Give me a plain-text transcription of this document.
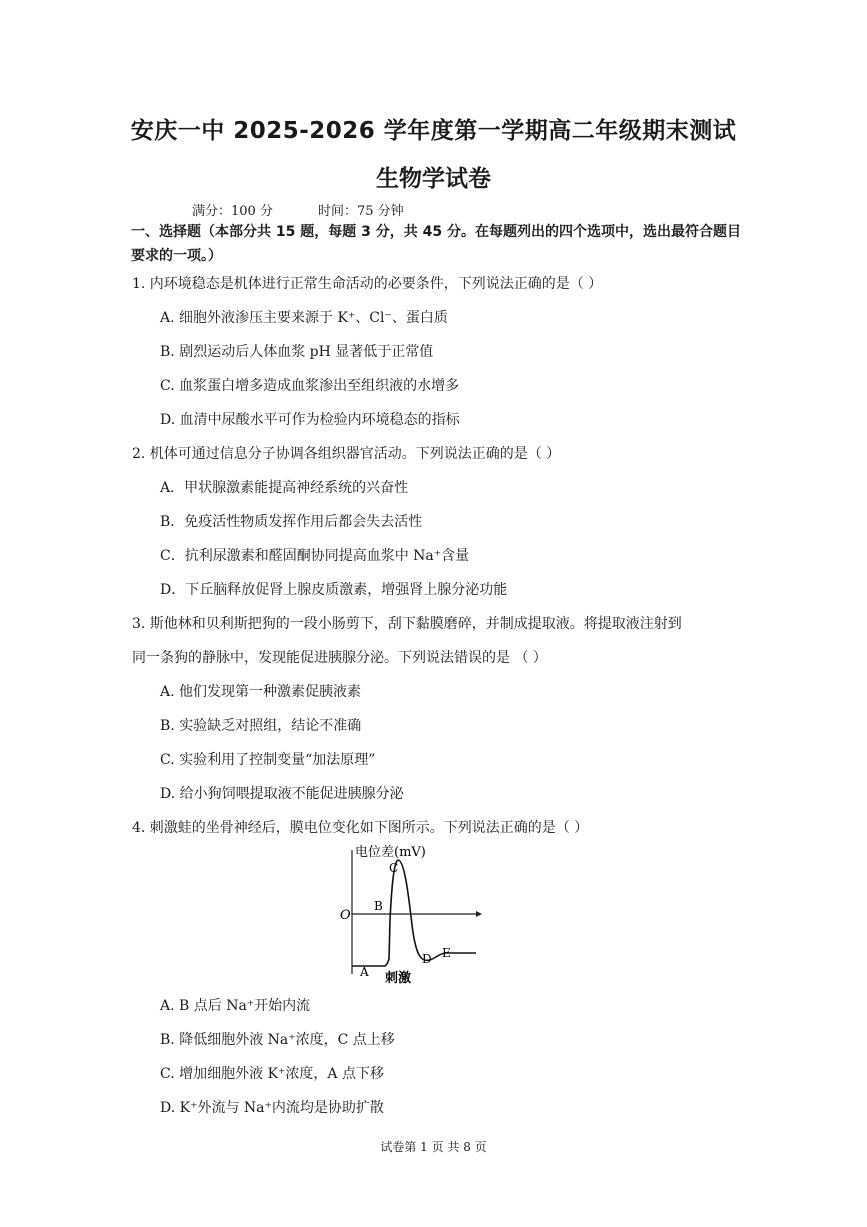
安庆一中 2025-2026 学年度第一学期高二年级期末测试
生物学试卷
满分：100 分	时间：75 分钟
一、选择题（本部分共 15 题，每题 3 分，共 45 分。在每题列出的四个选项中，选出最符合题目要求的一项。）
1. 内环境稳态是机体进行正常生命活动的必要条件，下列说法正确的是（ ）
A. 细胞外液渗压主要来源于 K⁺、Cl⁻、蛋白质
B. 剧烈运动后人体血浆 pH 显著低于正常值
C. 血浆蛋白增多造成血浆渗出至组织液的水增多
D. 血清中尿酸水平可作为检验内环境稳态的指标
2. 机体可通过信息分子协调各组织器官活动。下列说法正确的是（ ）
A．甲状腺激素能提高神经系统的兴奋性
B．免疫活性物质发挥作用后都会失去活性
C．抗利尿激素和醛固酮协同提高血浆中 Na⁺含量
D．下丘脑释放促肾上腺皮质激素，增强肾上腺分泌功能
3. 斯他林和贝利斯把狗的一段小肠剪下，刮下黏膜磨碎，并制成提取液。将提取液注射到
同一条狗的静脉中，发现能促进胰腺分泌。下列说法错误的是 （ ）
A. 他们发现第一种激素促胰液素
B. 实验缺乏对照组，结论不准确
C. 实验利用了控制变量“加法原理”
D. 给小狗饲喂提取液不能促进胰腺分泌
4. 刺激蛙的坐骨神经后，膜电位变化如下图所示。下列说法正确的是（ ）
电位差(mV)
O
A
B
C
D E
刺激
A. B 点后 Na⁺开始内流
B. 降低细胞外液 Na⁺浓度，C 点上移
C. 增加细胞外液 K⁺浓度，A 点下移
D. K⁺外流与 Na⁺内流均是协助扩散
试卷第 1 页 共 8 页
